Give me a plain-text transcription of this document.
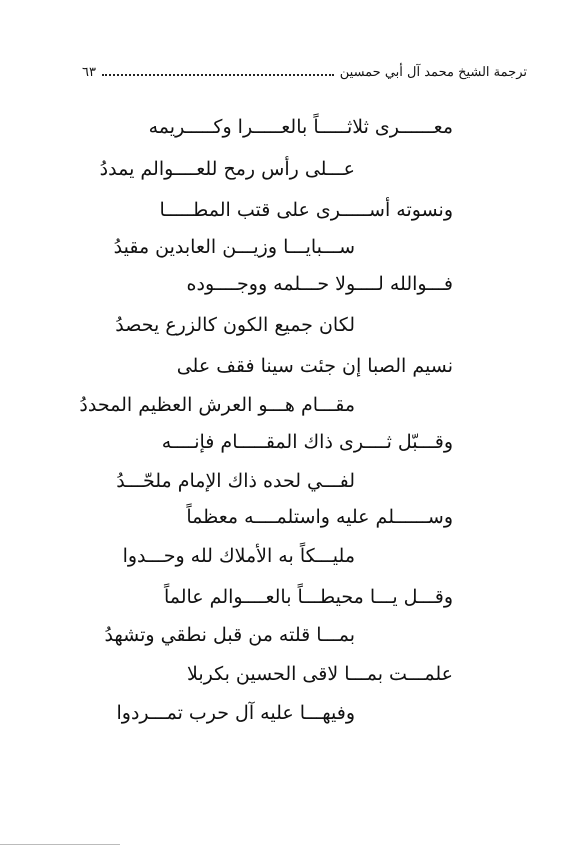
ترجمة الشيخ محمد آل أبي حمسين
٦٣
معــــــرى ثلاثـــــاً بالعـــــرا وكـــــريمه
عـــلى رأس رمح للعــــوالم يمددُ
ونسوته أســـــرى على قتب المطـــــا
ســـبايـــا وزيـــن العابدين مقيدُ
فـــوالله لــــولا حـــلمه ووجــــوده
لكان جميع الكون كالزرع يحصدُ
نسيم الصبا إن جئت سينا فقف على
مقـــام هـــو العرش العظيم المحددُ
وقـــبّل ثــــرى ذاك المقـــــام فإنــــه
لفـــي لحده ذاك الإمام ملحّـــدُ
وســــــلم عليه واستلمــــه معظماً
مليـــكاً به الأملاك لله وحـــدوا
وقـــل يـــا محيطـــاً بالعــــوالم عالماً
بمـــا قلته من قبل نطقي وتشهدُ
علمـــت بمـــا لاقى الحسين بكربلا
وفيهـــا عليه آل حرب تمـــردوا
